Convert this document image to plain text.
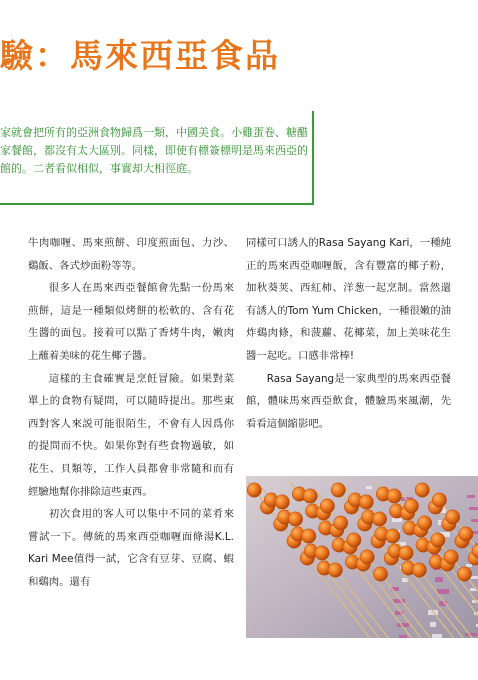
驗：馬來西亞食品
家就會把所有的亞洲食物歸爲一類，中國美食。小雞蛋卷、糖醋
家餐館，都沒有太大區別。同樣，即使有標簽標明是馬來西亞的
館的。二者看似相似，事實却大相徑庭。

牛肉咖喱、馬來煎餅、印度煎面包、力沙、鷄飯、各式炒面粉等等。

很多人在馬來西亞餐館會先點一份馬來煎餅，這是一種類似烤餅的松軟的、含有花生醬的面包。接着可以點了香烤牛肉，嫩肉上蘸着美味的花生椰子醬。

這樣的主食確實是烹飪冒險。如果對菜單上的食物有疑問，可以隨時提出。那些東西對客人來説可能很陌生，不會有人因爲你的提問而不快。如果你對有些食物過敏，如花生、貝類等，工作人員都會非常隨和而有經驗地幫你排除這些東西。

初次食用的客人可以集中不同的菜肴來嘗試一下。傳統的馬來西亞咖喱面條湯K.L. Kari Mee值得一試，它含有豆芽、豆腐、蝦和鷄肉。還有

同樣可口誘人的Rasa Sayang Kari，一種純正的馬來西亞咖喱飯，含有豐富的椰子粉，加秋葵荚、西紅柿、洋葱一起烹制。當然還有誘人的Tom Yum Chicken，一種很嫩的油炸鷄肉條，和菠蘿、花椰菜，加上美味花生醬一起吃。口感非常棒!

Rasa Sayang是一家典型的馬來西亞餐館，體味馬來西亞飲食，體驗馬來風潮，先看看這個縮影吧。
